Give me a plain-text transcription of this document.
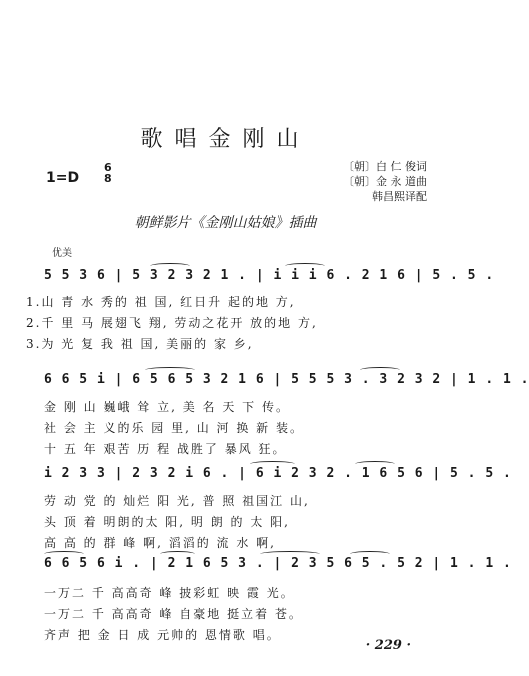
歌唱金刚山
1=D
6
8
〔朝〕白 仁 俊词
〔朝〕金 永 道曲
韩昌熙译配
朝鲜影片《金刚山姑娘》插曲
优美
5 5 3 6 | 5 3 2 3 2 1 . | i i i 6 . 2 1 6 | 5 . 5 .
1.山 青 水 秀的 祖 国, 红日升 起的地 方,
2.千 里 马 展翅飞 翔, 劳动之花开 放的地 方,
3.为 光 复 我 祖 国, 美丽的 家 乡,
6 6 5 i | 6 5 6 5 3 2 1 6 | 5 5 5 3 . 3 2 3 2 | 1 . 1 .
金 刚 山 巍峨 耸 立, 美 名 天 下 传。
社 会 主 义的乐 园 里, 山 河 换 新 装。
十 五 年 艰苦 历 程 战胜了 暴风 狂。
i 2 3 3 | 2 3 2 i 6 . | 6 i 2 3 2 . 1 6 5 6 | 5 . 5 .
劳 动 党 的 灿烂 阳 光, 普 照 祖国江 山,
头 顶 着 明朗的太 阳, 明 朗 的 太 阳,
高 高 的 群 峰 啊, 滔滔的 流 水 啊,
6 6 5 6 i . | 2 1 6 5 3 . | 2 3 5 6 5 . 5 2 | 1 . 1 .
一万二 千 高高奇 峰 披彩虹 映 霞 光。
一万二 千 高高奇 峰 自豪地 挺立着 苍。
齐声 把 金 日 成 元帅的 恩情歌 唱。
· 229 ·
